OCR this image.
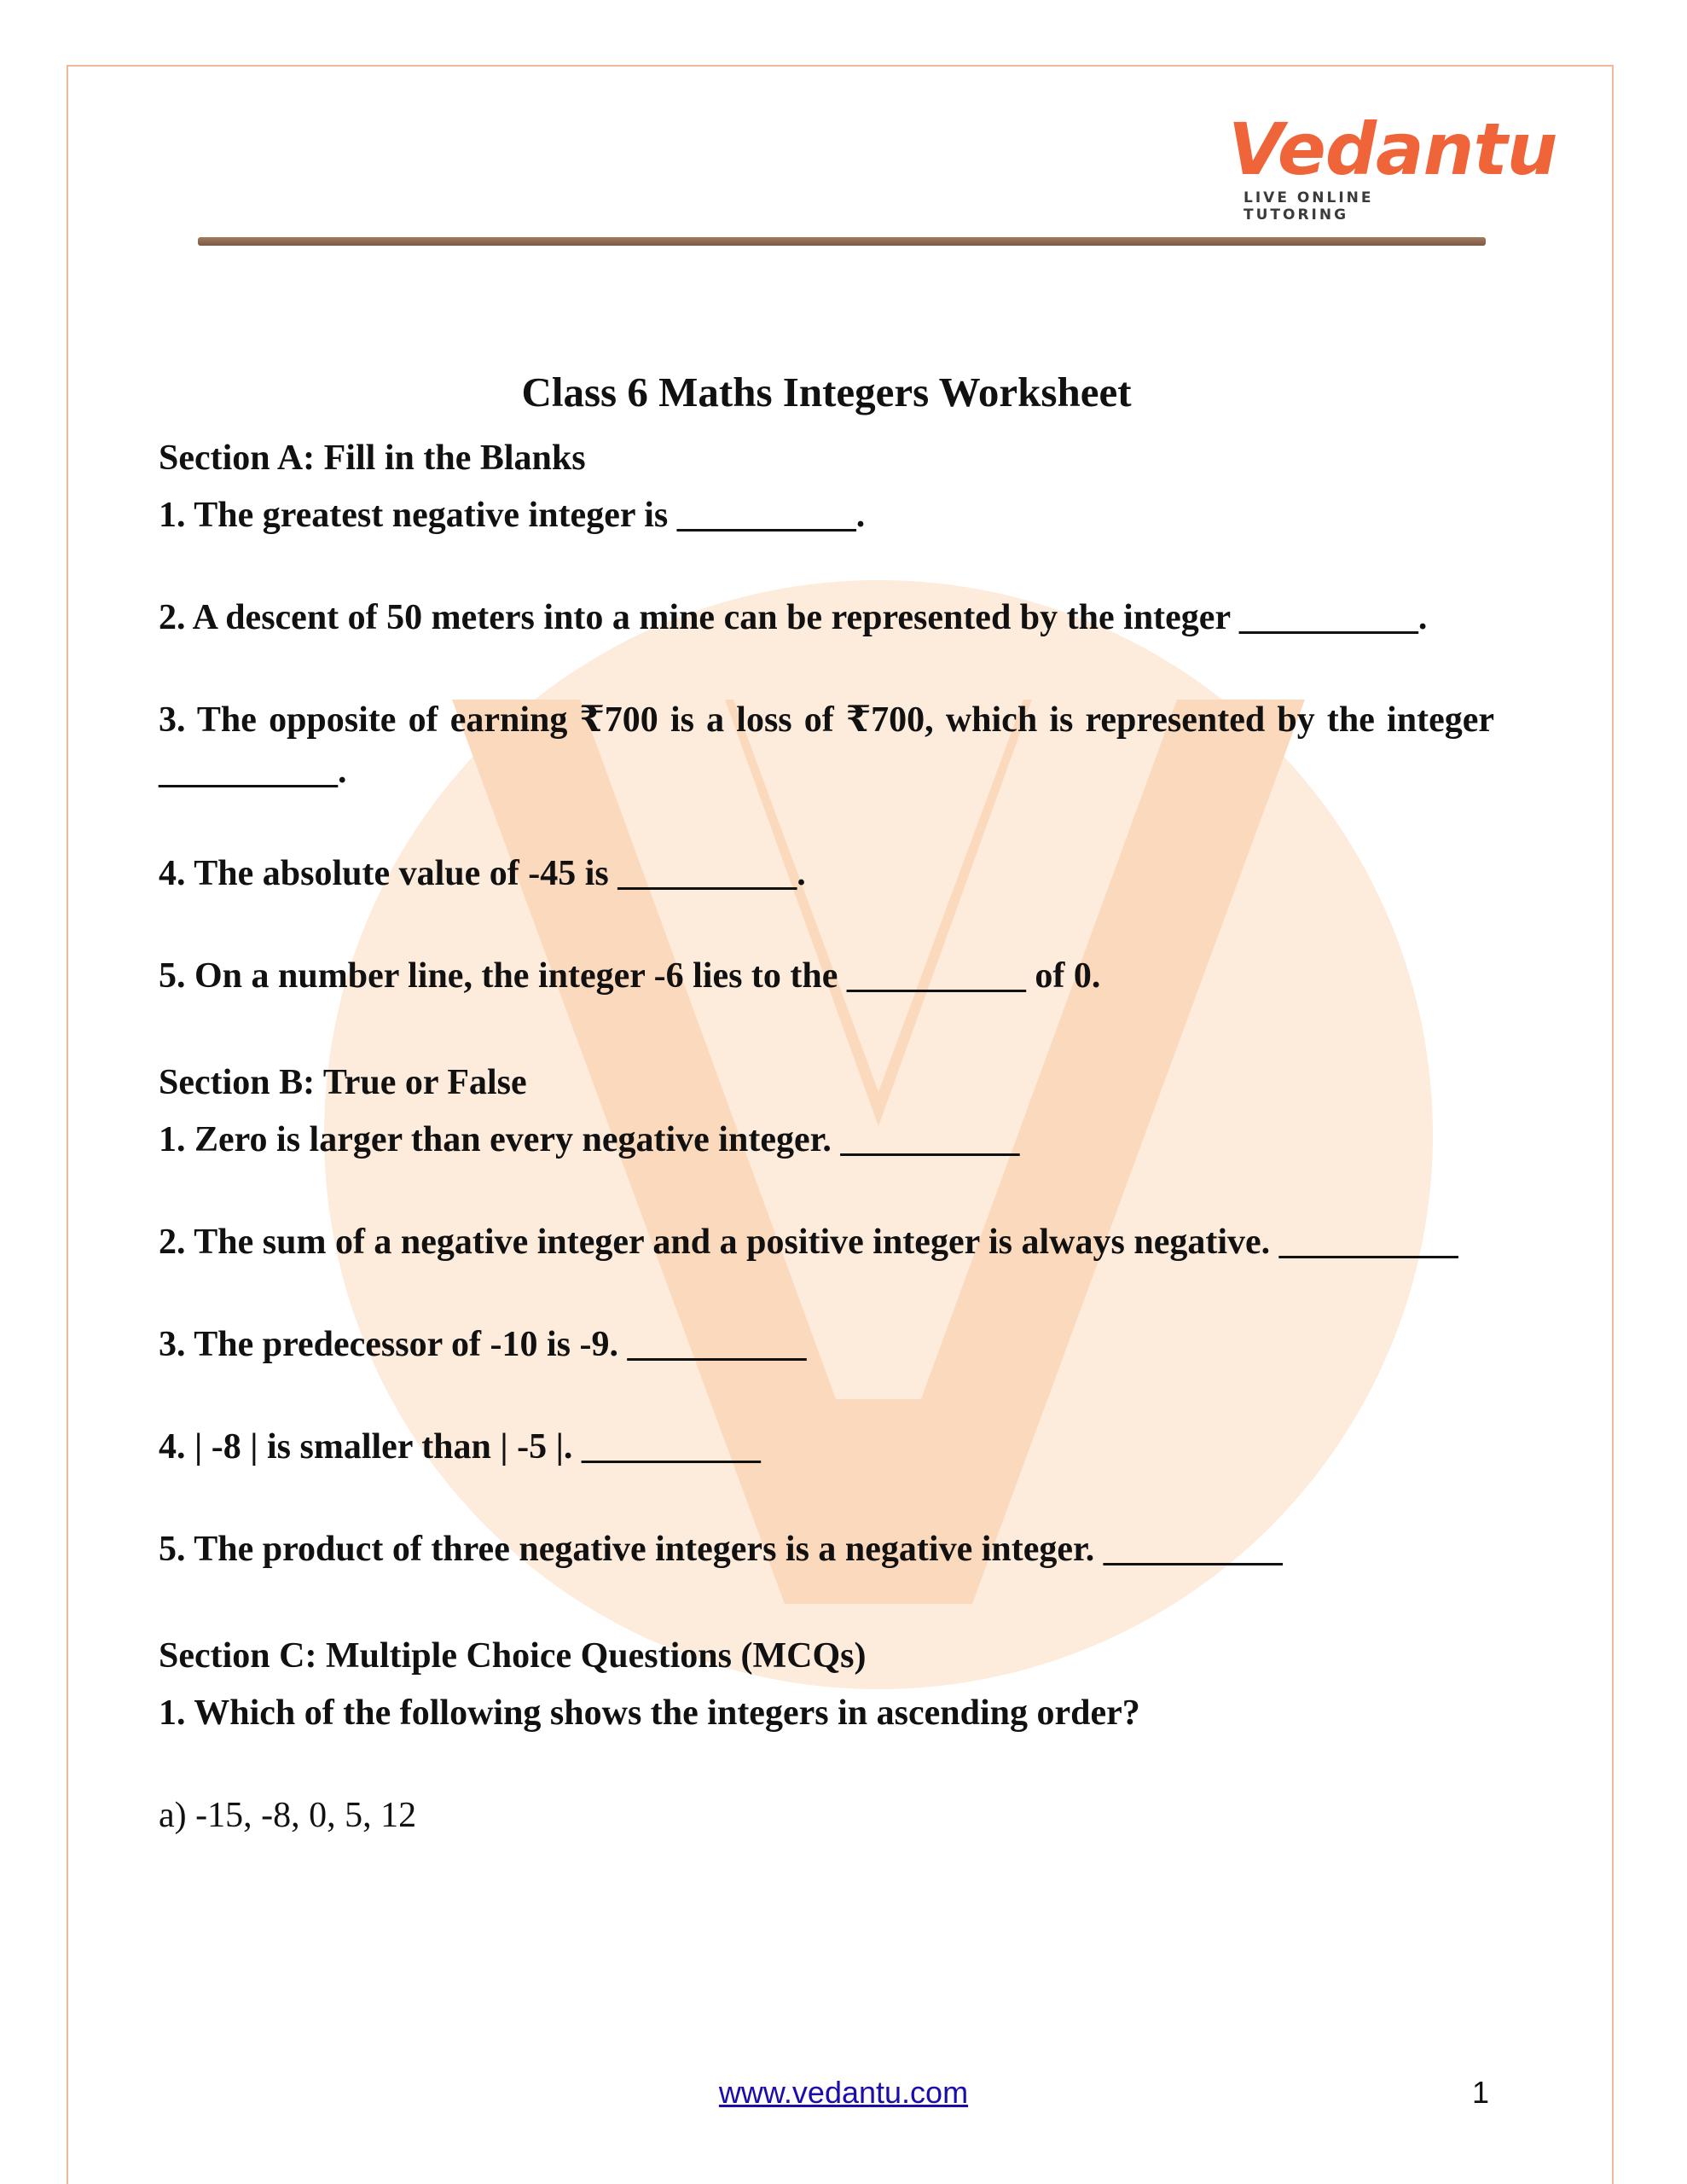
Vedantu
LIVE ONLINE TUTORING
Class 6 Maths Integers Worksheet

Section A: Fill in the Blanks

1. The greatest negative integer is __________.

2. A descent of 50 meters into a mine can be represented by the integer __________.

3. The opposite of earning ₹700 is a loss of ₹700, which is represented by the integer __________.

4. The absolute value of -45 is __________.

5. On a number line, the integer -6 lies to the __________ of 0.

Section B: True or False

1. Zero is larger than every negative integer. __________

2. The sum of a negative integer and a positive integer is always negative. __________

3. The predecessor of -10 is -9. __________

4. | -8 | is smaller than | -5 |. __________

5. The product of three negative integers is a negative integer. __________

Section C: Multiple Choice Questions (MCQs)

1. Which of the following shows the integers in ascending order?

a) -15, -8, 0, 5, 12

www.vedantu.com	1
